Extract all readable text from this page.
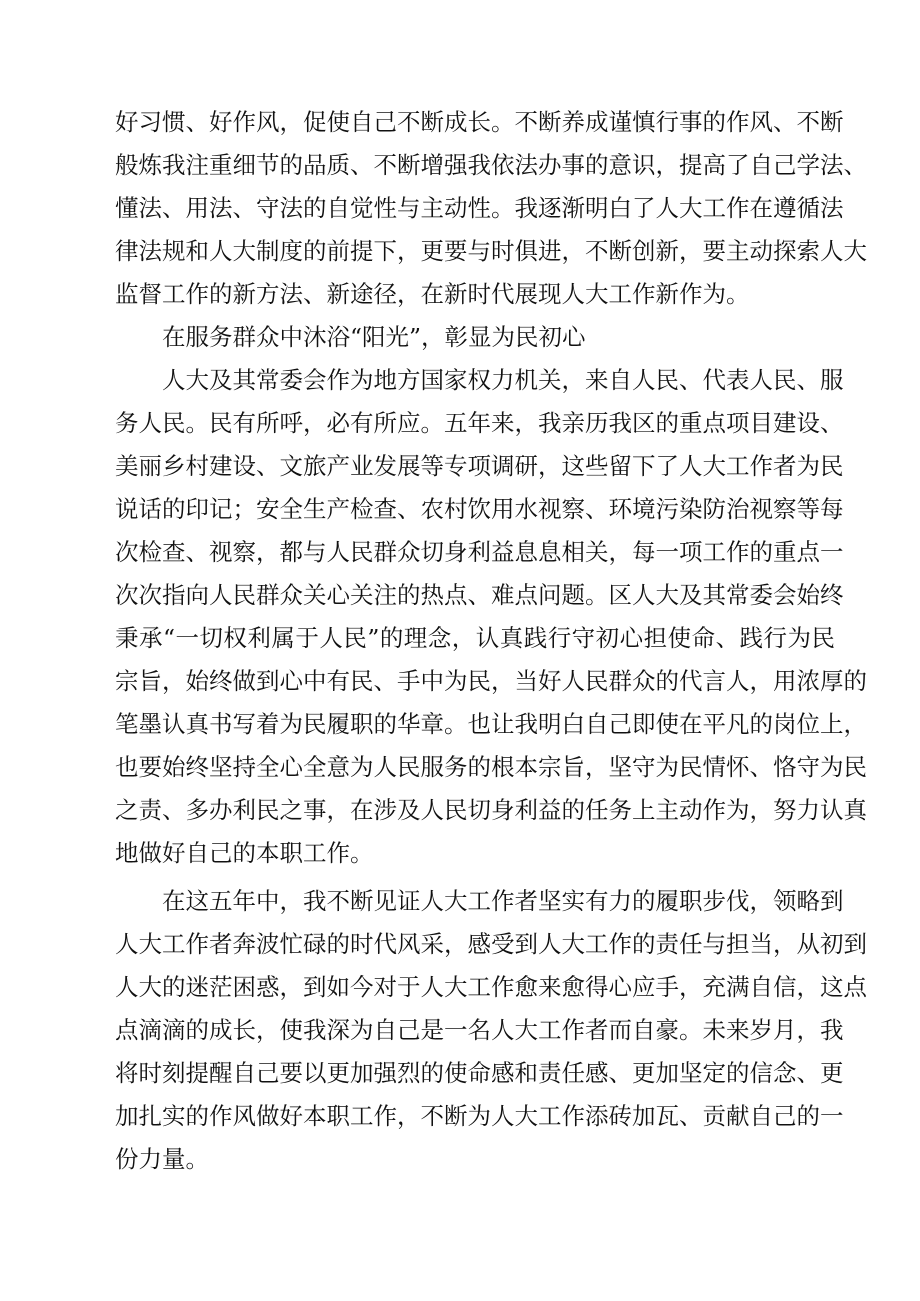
好习惯、好作风，促使自己不断成长。不断养成谨慎行事的作风、不断
般炼我注重细节的品质、不断增强我依法办事的意识，提高了自己学法、
懂法、用法、守法的自觉性与主动性。我逐渐明白了人大工作在遵循法
律法规和人大制度的前提下，更要与时俱进，不断创新，要主动探索人大
监督工作的新方法、新途径，在新时代展现人大工作新作为。
在服务群众中沐浴“阳光”，彰显为民初心
人大及其常委会作为地方国家权力机关，来自人民、代表人民、服
务人民。民有所呼，必有所应。五年来，我亲历我区的重点项目建设、
美丽乡村建设、文旅产业发展等专项调研，这些留下了人大工作者为民
说话的印记；安全生产检查、农村饮用水视察、环境污染防治视察等每
次检查、视察，都与人民群众切身利益息息相关，每一项工作的重点一
次次指向人民群众关心关注的热点、难点问题。区人大及其常委会始终
秉承“一切权利属于人民”的理念，认真践行守初心担使命、践行为民
宗旨，始终做到心中有民、手中为民，当好人民群众的代言人，用浓厚的
笔墨认真书写着为民履职的华章。也让我明白自己即使在平凡的岗位上，
也要始终坚持全心全意为人民服务的根本宗旨，坚守为民情怀、恪守为民
之责、多办利民之事，在涉及人民切身利益的任务上主动作为，努力认真
地做好自己的本职工作。
在这五年中，我不断见证人大工作者坚实有力的履职步伐，领略到
人大工作者奔波忙碌的时代风采，感受到人大工作的责任与担当，从初到
人大的迷茫困惑，到如今对于人大工作愈来愈得心应手，充满自信，这点
点滴滴的成长，使我深为自己是一名人大工作者而自豪。未来岁月，我
将时刻提醒自己要以更加强烈的使命感和责任感、更加坚定的信念、更
加扎实的作风做好本职工作，不断为人大工作添砖加瓦、贡献自己的一
份力量。
